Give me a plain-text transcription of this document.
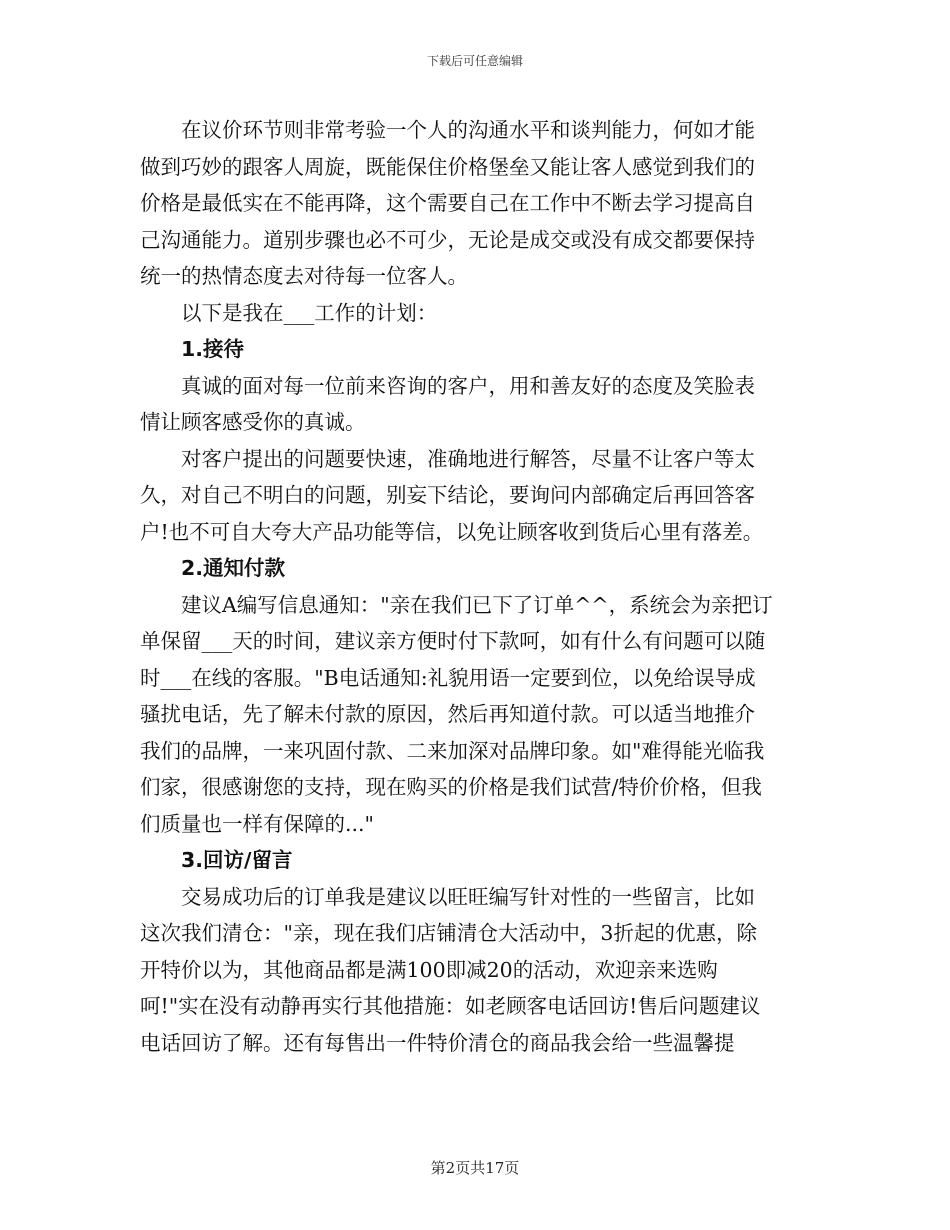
下载后可任意编辑
在议价环节则非常考验一个人的沟通水平和谈判能力，何如才能
做到巧妙的跟客人周旋，既能保住价格堡垒又能让客人感觉到我们的
价格是最低实在不能再降，这个需要自己在工作中不断去学习提高自
己沟通能力。道别步骤也必不可少，无论是成交或没有成交都要保持
统一的热情态度去对待每一位客人。
以下是我在___工作的计划：
1.接待
真诚的面对每一位前来咨询的客户，用和善友好的态度及笑脸表
情让顾客感受你的真诚。
对客户提出的问题要快速，准确地进行解答，尽量不让客户等太
久，对自己不明白的问题，别妄下结论，要询问内部确定后再回答客
户!也不可自大夸大产品功能等信，以免让顾客收到货后心里有落差。
2.通知付款
建议A编写信息通知："亲在我们已下了订单^^，系统会为亲把订
单保留___天的时间，建议亲方便时付下款呵，如有什么有问题可以随
时___在线的客服。"B电话通知:礼貌用语一定要到位，以免给误导成
骚扰电话，先了解未付款的原因，然后再知道付款。可以适当地推介
我们的品牌，一来巩固付款、二来加深对品牌印象。如"难得能光临我
们家，很感谢您的支持，现在购买的价格是我们试营/特价价格，但我
们质量也一样有保障的..."
3.回访/留言
交易成功后的订单我是建议以旺旺编写针对性的一些留言，比如
这次我们清仓："亲，现在我们店铺清仓大活动中，3折起的优惠，除
开特价以为，其他商品都是满100即减20的活动，欢迎亲来选购
呵!"实在没有动静再实行其他措施：如老顾客电话回访!售后问题建议
电话回访了解。还有每售出一件特价清仓的商品我会给一些温馨提
第2页共17页
